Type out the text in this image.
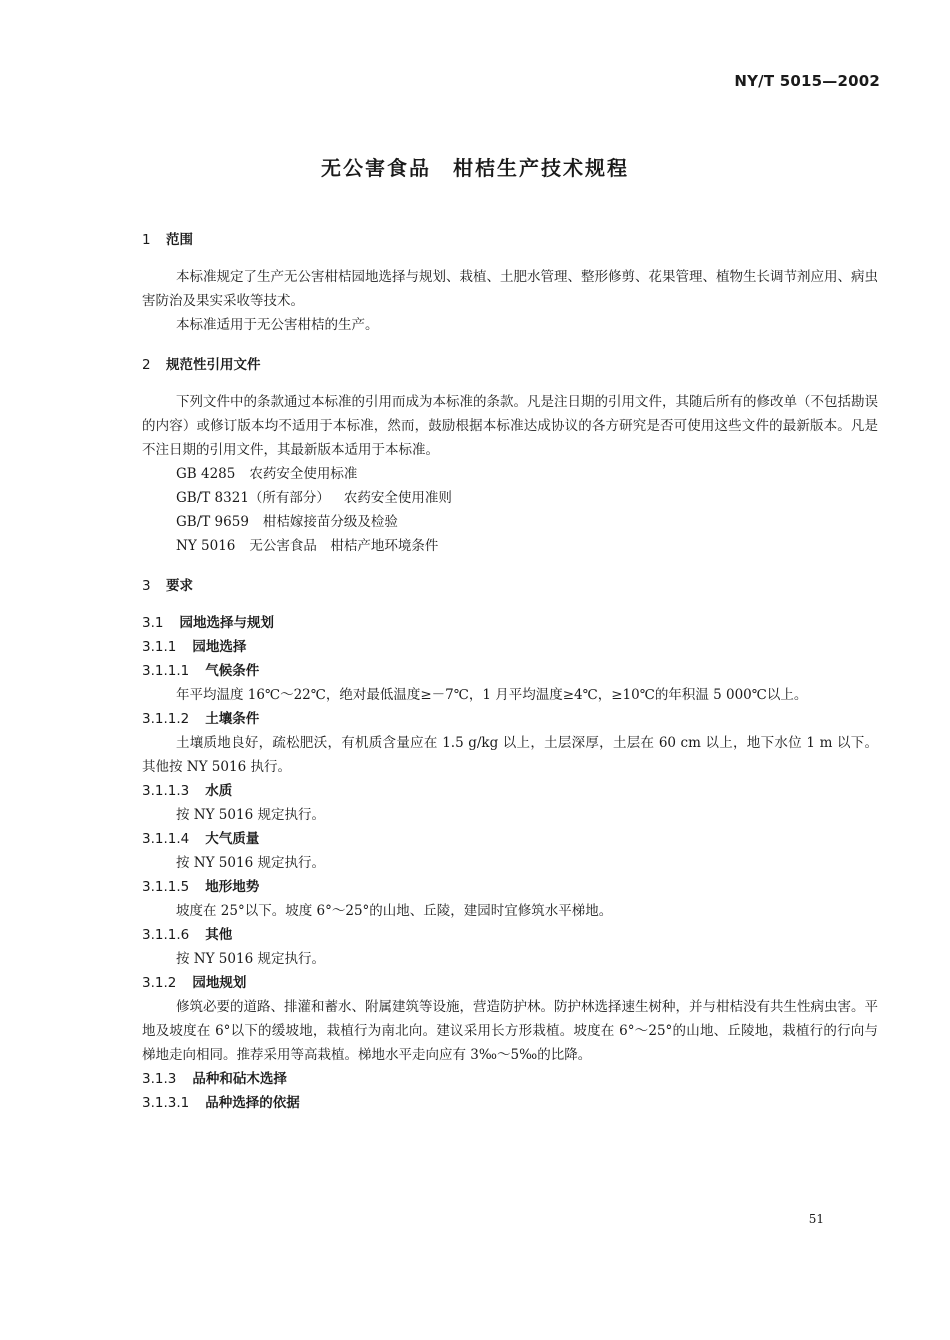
NY/T 5015—2002
无公害食品　柑桔生产技术规程
1	范围

本标准规定了生产无公害柑桔园地选择与规划、栽植、土肥水管理、整形修剪、花果管理、植物生长调节剂应用、病虫害防治及果实采收等技术。

本标准适用于无公害柑桔的生产。

2	规范性引用文件

下列文件中的条款通过本标准的引用而成为本标准的条款。凡是注日期的引用文件，其随后所有的修改单（不包括勘误的内容）或修订版本均不适用于本标准，然而，鼓励根据本标准达成协议的各方研究是否可使用这些文件的最新版本。凡是不注日期的引用文件，其最新版本适用于本标准。

GB 4285 农药安全使用标准
GB/T 8321（所有部分） 农药安全使用准则
GB/T 9659 柑桔嫁接苗分级及检验
NY 5016 无公害食品　柑桔产地环境条件
3	要求
3.1 园地选择与规划
3.1.1 园地选择
3.1.1.1 气候条件

年平均温度 16℃～22℃，绝对最低温度≥－7℃，1 月平均温度≥4℃，≥10℃的年积温 5 000℃以上。

3.1.1.2 土壤条件

土壤质地良好，疏松肥沃，有机质含量应在 1.5 g/kg 以上，土层深厚，土层在 60 cm 以上，地下水位 1 m 以下。其他按 NY 5016 执行。

3.1.1.3 水质

按 NY 5016 规定执行。

3.1.1.4 大气质量

按 NY 5016 规定执行。

3.1.1.5 地形地势

坡度在 25°以下。坡度 6°～25°的山地、丘陵，建园时宜修筑水平梯地。

3.1.1.6 其他

按 NY 5016 规定执行。

3.1.2 园地规划

修筑必要的道路、排灌和蓄水、附属建筑等设施，营造防护林。防护林选择速生树种，并与柑桔没有共生性病虫害。平地及坡度在 6°以下的缓坡地，栽植行为南北向。建议采用长方形栽植。坡度在 6°～25°的山地、丘陵地，栽植行的行向与梯地走向相同。推荐采用等高栽植。梯地水平走向应有 3‰～5‰的比降。

3.1.3 品种和砧木选择
3.1.3.1 品种选择的依据
51
